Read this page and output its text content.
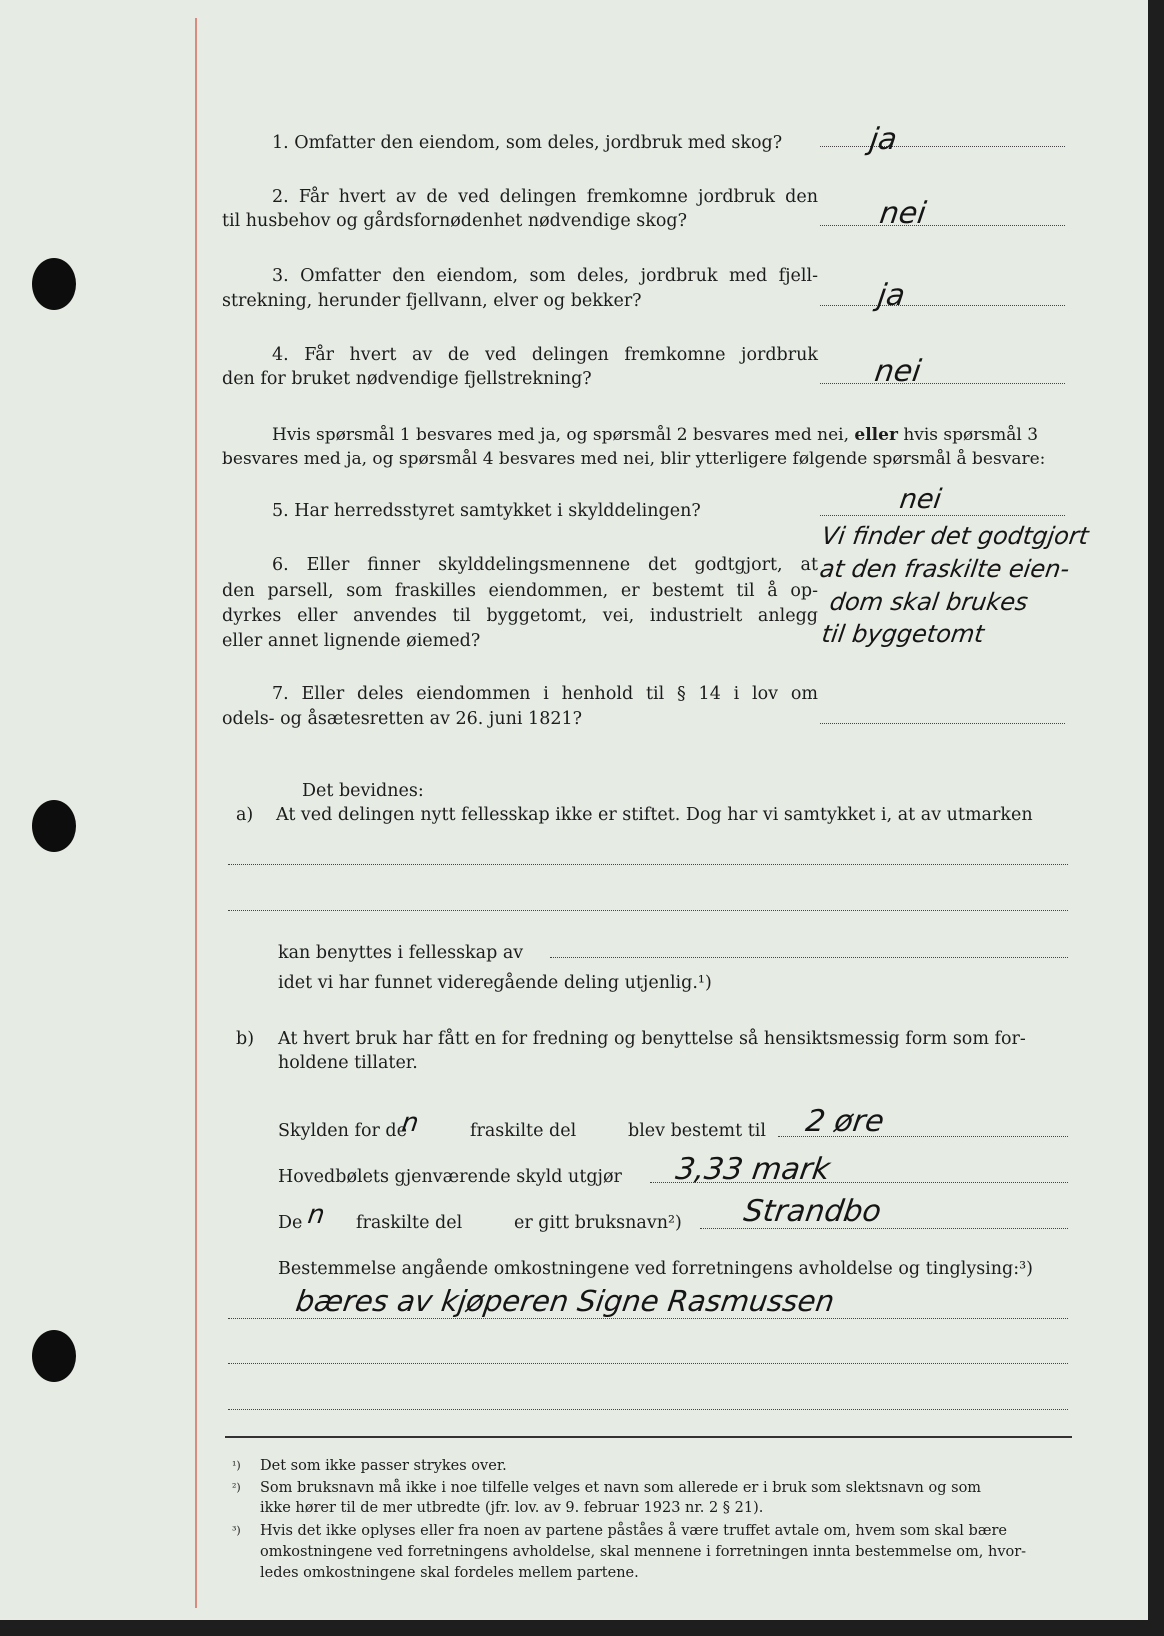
1. Omfatter den eiendom, som deles, jordbruk med skog?	ja
2. Får hvert av de ved delingen fremkomne jordbruk den
til husbehov og gårdsfornødenhet nødvendige skog?	nei
3. Omfatter den eiendom, som deles, jordbruk med fjell-
strekning, herunder fjellvann, elver og bekker?	ja
4. Får hvert av de ved delingen fremkomne jordbruk
den for bruket nødvendige fjellstrekning?	nei
Hvis spørsmål 1 besvares med ja, og spørsmål 2 besvares med nei, eller hvis spørsmål 3
besvares med ja, og spørsmål 4 besvares med nei, blir ytterligere følgende spørsmål å besvare:
5. Har herredsstyret samtykket i skylddelingen?	nei
6. Eller finner skylddelingsmennene det godtgjort, at
den parsell, som fraskilles eiendommen, er bestemt til å op-
dyrkes eller anvendes til byggetomt, vei, industrielt anlegg
eller annet lignende øiemed?
Vi finder det godtgjort
at den fraskilte eien-
dom skal brukes
til byggetomt
7. Eller deles eiendommen i henhold til § 14 i lov om
odels- og åsætesretten av 26. juni 1821?
Det bevidnes:
a) At ved delingen nytt fellesskap ikke er stiftet. Dog har vi samtykket i, at av utmarken
kan benyttes i fellesskap av
idet vi har funnet videregående deling utjenlig.¹)
b) At hvert bruk har fått en for fredning og benyttelse så hensiktsmessig form som for-
holdene tillater.
Skylden for de
n	fraskilte del	blev bestemt til 2 øre
Hovedbølets gjenværende skyld utgjør 3,33 mark
De n fraskilte del	er gitt bruksnavn²) Strandbo
Bestemmelse angående omkostningene ved forretningens avholdelse og tinglysing:³)
bæres av kjøperen Signe Rasmussen
¹) Det som ikke passer strykes over.
²) Som bruksnavn må ikke i noe tilfelle velges et navn som allerede er i bruk som slektsnavn og som
ikke hører til de mer utbredte (jfr. lov. av 9. februar 1923 nr. 2 § 21).
³) Hvis det ikke oplyses eller fra noen av partene påståes å være truffet avtale om, hvem som skal bære
omkostningene ved forretningens avholdelse, skal mennene i forretningen innta bestemmelse om, hvor-
ledes omkostningene skal fordeles mellem partene.
